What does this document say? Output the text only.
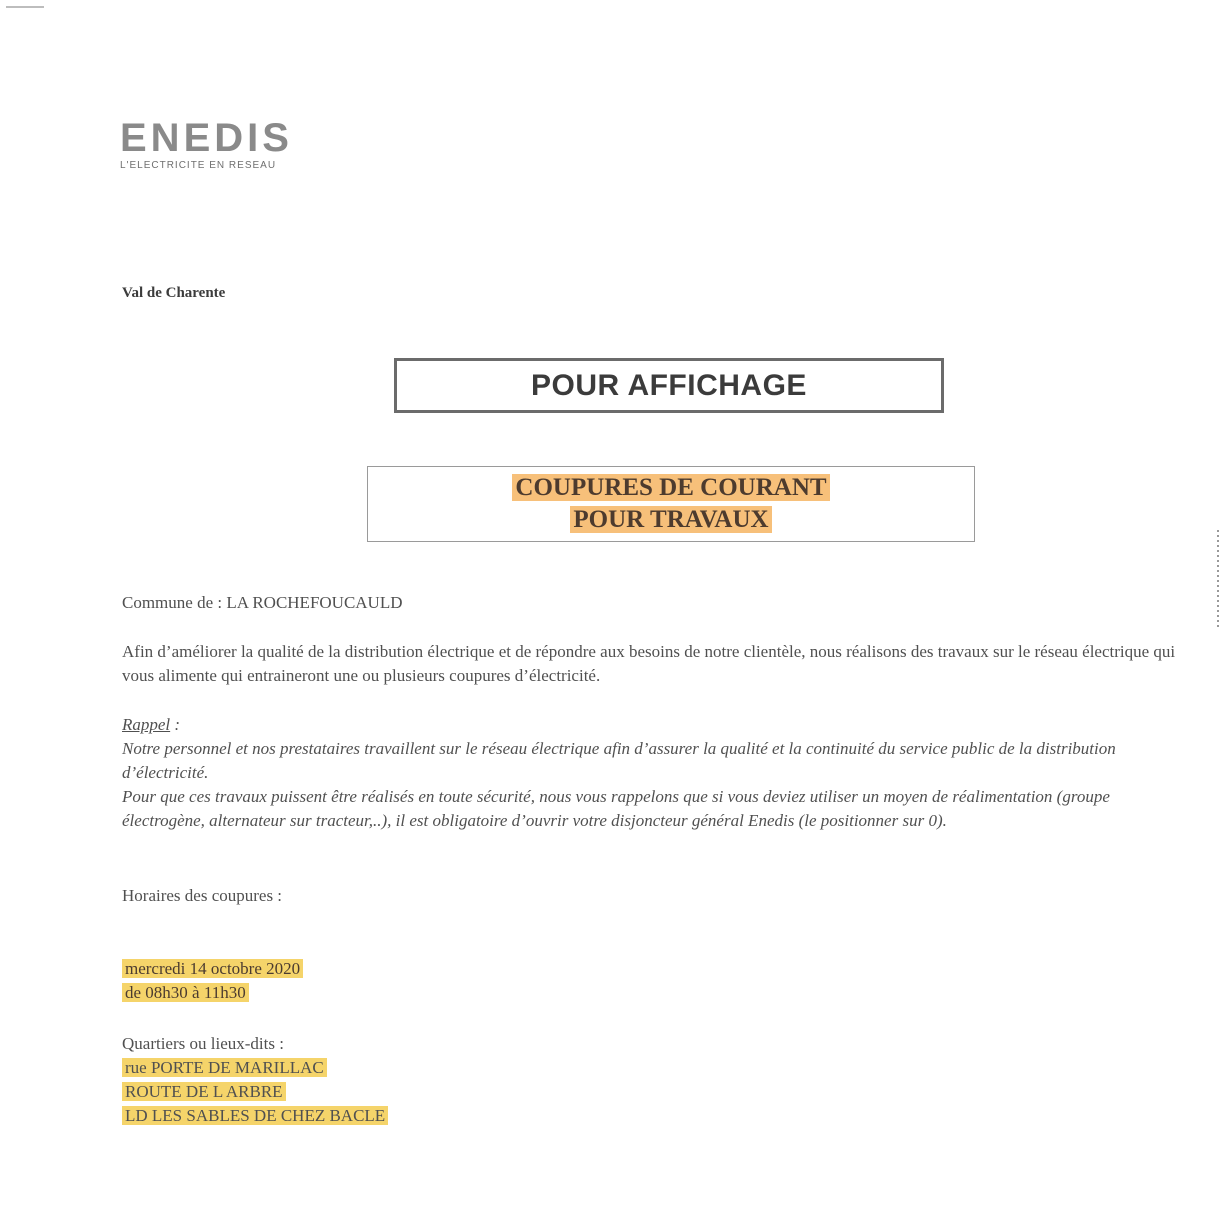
ENEDIS
L'ELECTRICITE EN RESEAU
Val de Charente
POUR AFFICHAGE
COUPURES DE COURANT
POUR TRAVAUX
Commune de : LA ROCHEFOUCAULD
Afin d’améliorer la qualité de la distribution électrique et de répondre aux besoins de notre clientèle, nous réalisons des travaux sur le réseau électrique qui vous alimente qui entraineront une ou plusieurs coupures d’électricité.
Rappel :
Notre personnel et nos prestataires travaillent sur le réseau électrique afin d’assurer la qualité et la continuité du service public de la distribution d’électricité.
Pour que ces travaux puissent être réalisés en toute sécurité, nous vous rappelons que si vous deviez utiliser un moyen de réalimentation (groupe électrogène, alternateur sur tracteur,..), il est obligatoire d’ouvrir votre disjoncteur général Enedis (le positionner sur 0).
Horaires des coupures :
mercredi 14 octobre 2020
de 08h30 à 11h30
Quartiers ou lieux-dits :
rue PORTE DE MARILLAC
ROUTE DE L ARBRE
LD LES SABLES DE CHEZ BACLE
